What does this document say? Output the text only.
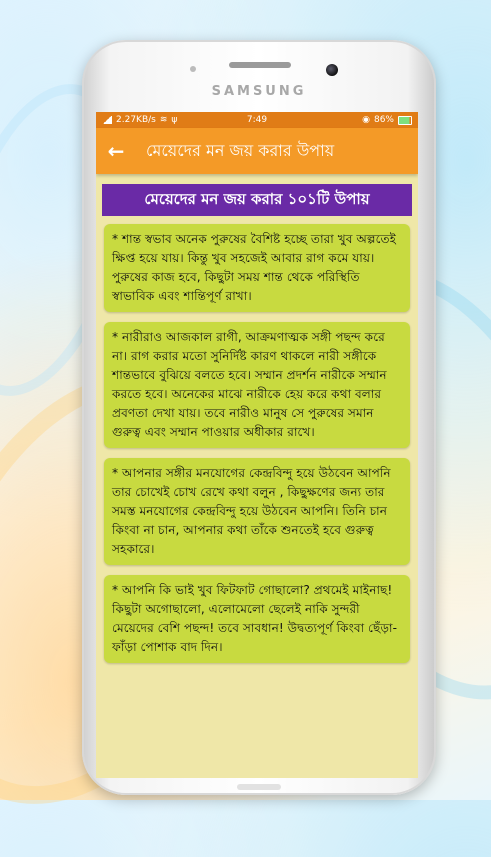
SAMSUNG
2.27KB/s ≋ ψ	7:49	◉ 86%
←	মেয়েদের মন জয় করার উপায়
মেয়েদের মন জয় করার ১০১টি উপায়
* শান্ত স্বভাব অনেক পুরুষের বৈশিষ্ট হচ্ছে তারা খুব অল্পতেই ক্ষিপ্ত হয়ে যায়। কিন্তু খুব সহজেই আবার রাগ কমে যায়। পুরুষের কাজ হবে, কিছুটা সময় শান্ত থেকে পরিস্থিতি স্বাভাবিক এবং শান্তিপূর্ণ রাখা।
* নারীরাও আজকাল রাগী, আক্রমণাত্মক সঙ্গী পছন্দ করে না। রাগ করার মতো সুনির্দিষ্ট কারণ থাকলে নারী সঙ্গীকে শান্তভাবে বুঝিয়ে বলতে হবে। সম্মান প্রদর্শন নারীকে সম্মান করতে হবে। অনেকের মাঝে নারীকে হেয় করে কথা বলার প্রবণতা দেখা যায়। তবে নারীও মানুষ সে পুরুষের সমান গুরুত্ব এবং সম্মান পাওয়ার অধীকার রাখে।
* আপনার সঙ্গীর মনযোগের কেন্দ্রবিন্দু হয়ে উঠবেন আপনি তার চোখেই চোখ রেখে কথা বলুন , কিছুক্ষণের জন্য তার সমস্ত মনযোগের কেন্দ্রবিন্দু হয়ে উঠবেন আপনি। তিনি চান কিংবা না চান, আপনার কথা তাঁকে শুনতেই হবে গুরুত্ব সহকারে।
* আপনি কি ভাই খুব ফিটফাট গোছালো? প্রথমেই মাইনাছ! কিছুটা অগোছালো, এলোমেলো ছেলেই নাকি সুন্দরী মেয়েদের বেশি পছন্দ! তবে সাবধান! উদ্বত্যপূর্ণ কিংবা ছেঁড়া-ফাঁড়া পোশাক বাদ দিন।
